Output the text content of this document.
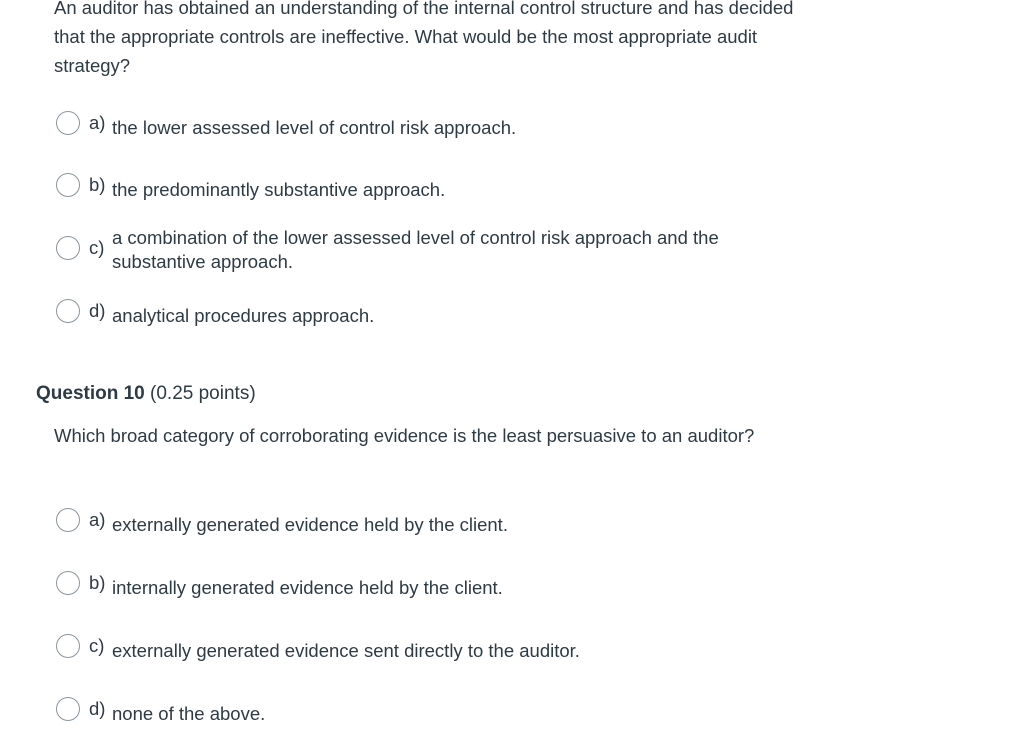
An auditor has obtained an understanding of the internal control structure and has decided that the appropriate controls are ineffective. What would be the most appropriate audit strategy?
a) the lower assessed level of control risk approach.
b) the predominantly substantive approach.
c) a combination of the lower assessed level of control risk approach and the substantive approach.
d) analytical procedures approach.
Question 10 (0.25 points)
Which broad category of corroborating evidence is the least persuasive to an auditor?
a) externally generated evidence held by the client.
b) internally generated evidence held by the client.
c) externally generated evidence sent directly to the auditor.
d) none of the above.
